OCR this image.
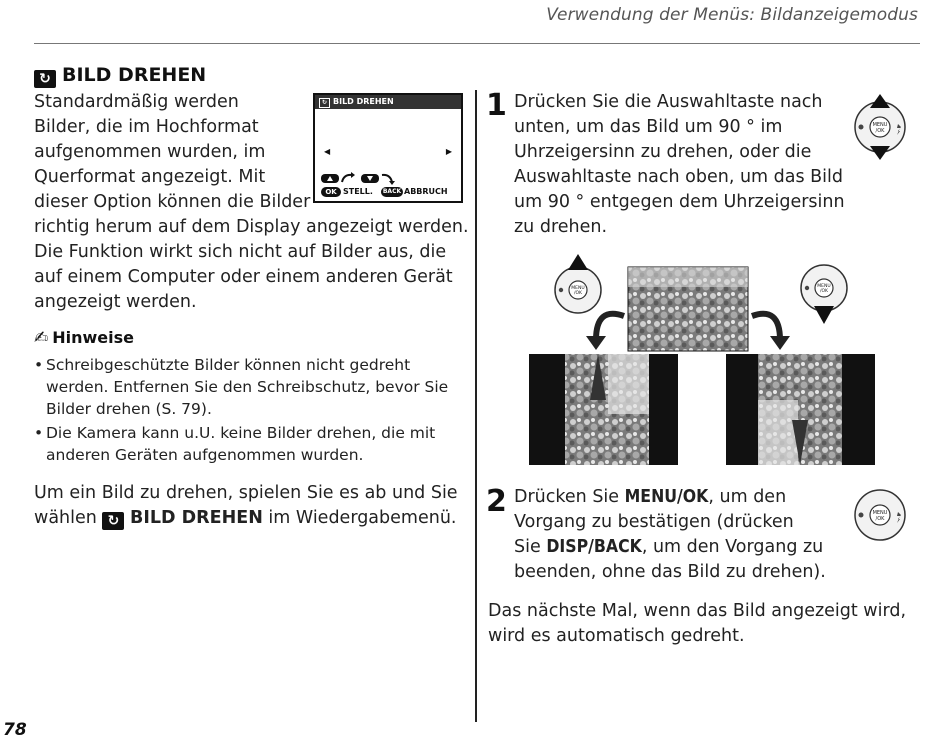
Verwendung der Menüs: Bildanzeigemodus
↻ BILD DREHEN
Standardmäßig werden
Bilder, die im Hochformat
aufgenommen wurden, im
Querformat angezeigt. Mit
dieser Option können die Bilder
richtig herum auf dem Display angezeigt werden.
Die Funktion wirkt sich nicht auf Bilder aus, die
auf einem Computer oder einem anderen Gerät
angezeigt werden.
↻ BILD DREHEN
◀	▶
OK STELL.	BACK ABBRUCH
✍ Hinweise
• Schreibgeschützte Bilder können nicht gedreht
werden. Entfernen Sie den Schreibschutz, bevor Sie
Bilder drehen (S. 79).
• Die Kamera kann u.U. keine Bilder drehen, die mit
anderen Geräten aufgenommen wurden.
Um ein Bild zu drehen, spielen Sie es ab und Sie
wählen ↻ BILD DREHEN im Wiedergabemenü.
78
1 Drücken Sie die Auswahltaste nach
unten, um das Bild um 90 ° im
Uhrzeigersinn zu drehen, oder die
Auswahltaste nach oben, um das Bild
um 90 ° entgegen dem Uhrzeigersinn
zu drehen.
MENU
/OK
MENU
/OK
MENU
/OK
2 Drücken Sie MENU/OK, um den
Vorgang zu bestätigen (drücken
Sie DISP/BACK, um den Vorgang zu
beenden, ohne das Bild zu drehen).
MENU
/OK
Das nächste Mal, wenn das Bild angezeigt wird,
wird es automatisch gedreht.
